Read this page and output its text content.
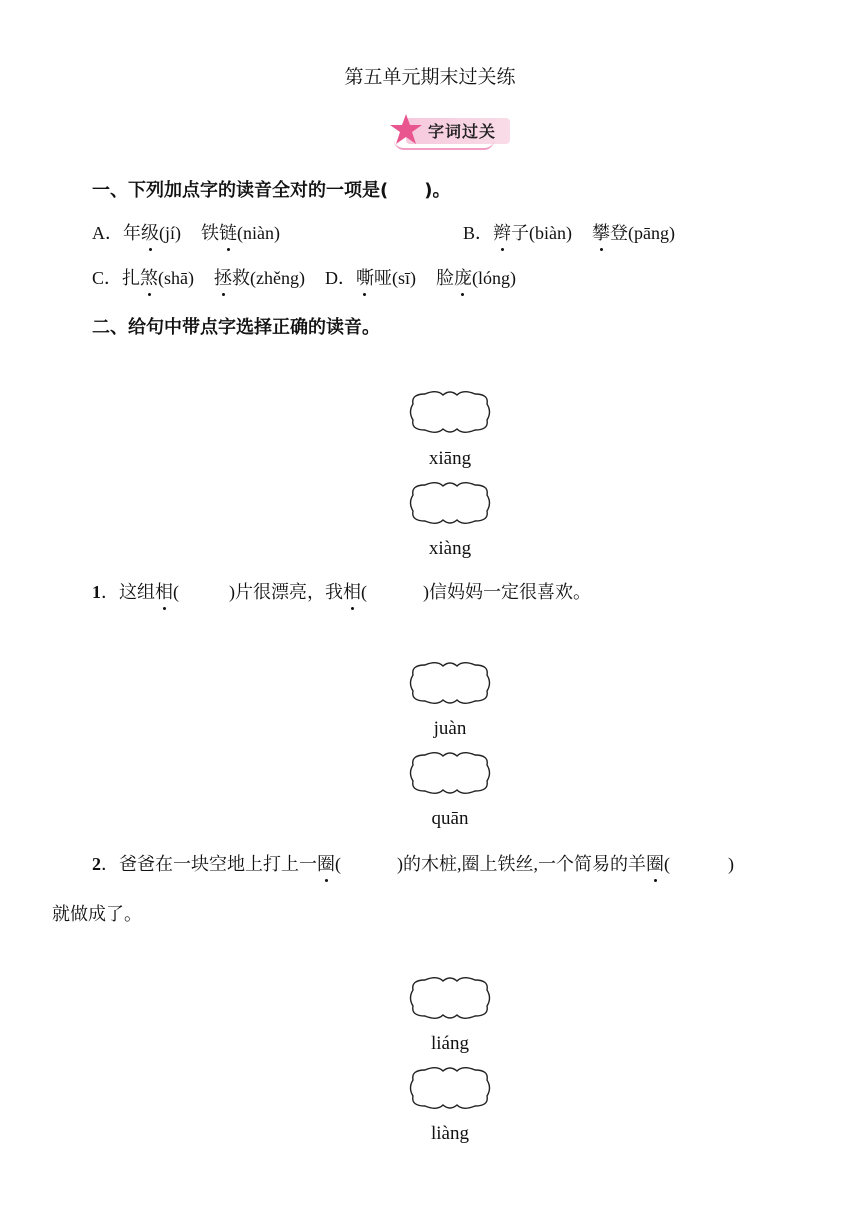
第五单元期末过关练
字词过关
一、下列加点字的读音全对的一项是(  )。
A．年级(jí) 铁链(niàn)	B．辫子(biàn) 攀登(pāng)
C．扎煞(shā) 拯救(zhěng) D．嘶哑(sī) 脸庞(lóng)
二、给句中带点字选择正确的读音。
xiāng
xiàng
1．这组相(	)片很漂亮，我相(	)信妈妈一定很喜欢。
juàn
quān
2．爸爸在一块空地上打上一圈(	)的木桩,圈上铁丝,一个简易的羊圈(	)
就做成了。
liáng
liàng
